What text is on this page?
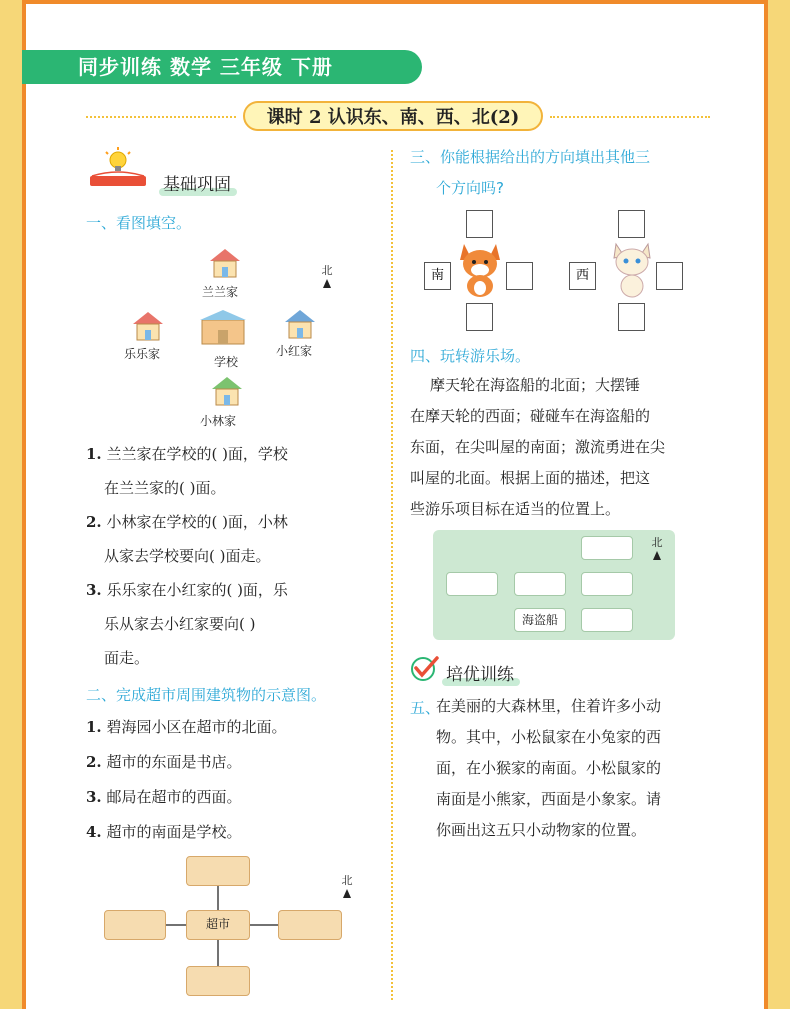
同步训练 数学 三年级 下册
课时 2 认识东、南、西、北(2)
基础巩固
一、看图填空。
北
兰兰家
学校
乐乐家	小红家
小林家
1. 兰兰家在学校的( )面，学校
在兰兰家的( )面。
2. 小林家在学校的( )面，小林
从家去学校要向( )面走。
3. 乐乐家在小红家的( )面，乐
乐从家去小红家要向( )
面走。
二、完成超市周围建筑物的示意图。
1. 碧海园小区在超市的北面。
2. 超市的东面是书店。
3. 邮局在超市的西面。
4. 超市的南面是学校。
超市
北
三、你能根据给出的方向填出其他三
个方向吗?
南	西
四、玩转游乐场。
摩天轮在海盗船的北面；大摆锤
在摩天轮的西面；碰碰车在海盗船的
东面，在尖叫屋的南面；激流勇进在尖
叫屋的北面。根据上面的描述，把这
些游乐项目标在适当的位置上。
海盗船
北
培优训练
五、
在美丽的大森林里，住着许多小动
物。其中，小松鼠家在小兔家的西
面，在小猴家的南面。小松鼠家的
南面是小熊家，西面是小象家。请
你画出这五只小动物家的位置。
